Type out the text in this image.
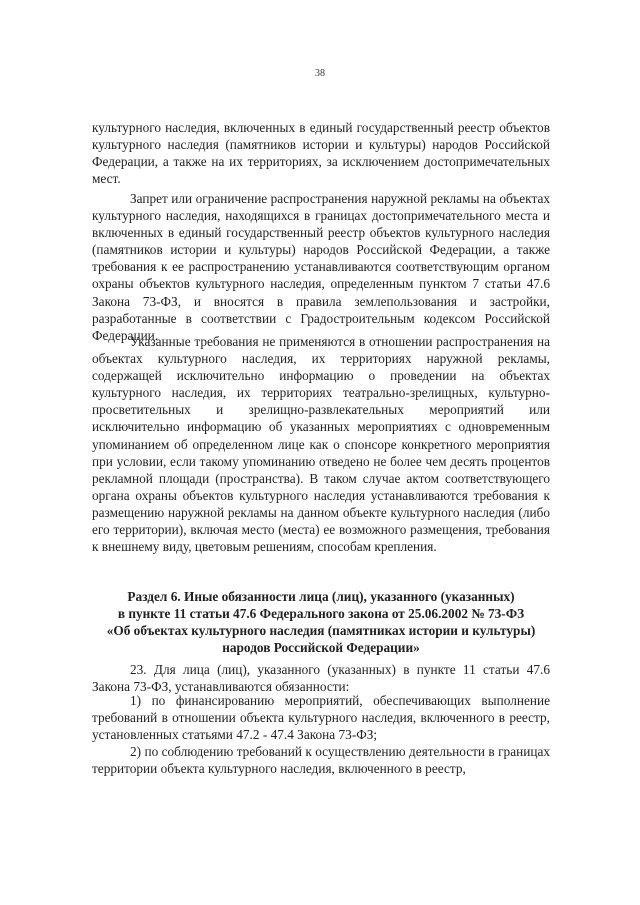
38

культурного наследия, включенных в единый государственный реестр объектов культурного наследия (памятников истории и культуры) народов Российской Федерации, а также на их территориях, за исключением достопримечательных мест.

Запрет или ограничение распространения наружной рекламы на объектах культурного наследия, находящихся в границах достопримечательного места и включенных в единый государственный реестр объектов культурного наследия (памятников истории и культуры) народов Российской Федерации, а также требования к ее распространению устанавливаются соответствующим органом охраны объектов культурного наследия, определенным пунктом 7 статьи 47.6 Закона 73-ФЗ, и вносятся в правила землепользования и застройки, разработанные в соответствии с Градостроительным кодексом Российской Федерации.

Указанные требования не применяются в отношении распространения на объектах культурного наследия, их территориях наружной рекламы, содержащей исключительно информацию о проведении на объектах культурного наследия, их территориях театрально-зрелищных, культурно-просветительных и зрелищно-развлекательных мероприятий или исключительно информацию об указанных мероприятиях с одновременным упоминанием об определенном лице как о спонсоре конкретного мероприятия при условии, если такому упоминанию отведено не более чем десять процентов рекламной площади (пространства). В таком случае актом соответствующего органа охраны объектов культурного наследия устанавливаются требования к размещению наружной рекламы на данном объекте культурного наследия (либо его территории), включая место (места) ее возможного размещения, требования к внешнему виду, цветовым решениям, способам крепления.

Раздел 6. Иные обязанности лица (лиц), указанного (указанных)
в пункте 11 статьи 47.6 Федерального закона от 25.06.2002 № 73-ФЗ
«Об объектах культурного наследия (памятниках истории и культуры)
народов Российской Федерации»

23. Для лица (лиц), указанного (указанных) в пункте 11 статьи 47.6 Закона 73-ФЗ, устанавливаются обязанности:

1) по финансированию мероприятий, обеспечивающих выполнение требований в отношении объекта культурного наследия, включенного в реестр, установленных статьями 47.2 - 47.4 Закона 73-ФЗ;

2) по соблюдению требований к осуществлению деятельности в границах территории объекта культурного наследия, включенного в реестр,
